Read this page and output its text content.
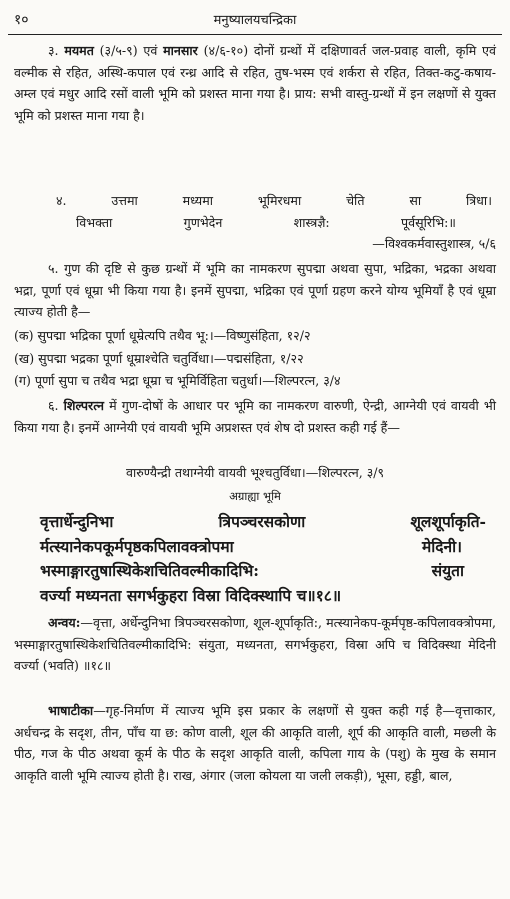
१०	मनुष्यालयचन्द्रिका
३. मयमत (३/५-९) एवं मानसार (४/६-१०) दोनों ग्रन्थों में दक्षिणावर्त जल-प्रवाह वाली, कृमि एवं वल्मीक से रहित, अस्थि-कपाल एवं रन्ध्र आदि से रहित, तुष-भस्म एवं शर्करा से रहित, तिक्त-कटु-कषाय-अम्ल एवं मधुर आदि रसों वाली भूमि को प्रशस्त माना गया है। प्राय: सभी वास्तु-ग्रन्थों में इन लक्षणों से युक्त भूमि को प्रशस्त माना गया है।
४.	उत्तमा	मध्यमा	भूमिरधमा	चेति	सा	त्रिधा।
विभक्ता	गुणभेदेन	शास्त्रज्ञै:	पूर्वसूरिभि:॥
—विश्वकर्मवास्तुशास्त्र, ५/६
५. गुण की दृष्टि से कुछ ग्रन्थों में भूमि का नामकरण सुपद्मा अथवा सुपा, भद्रिका, भद्रका अथवा भद्रा, पूर्णा एवं धूम्रा भी किया गया है। इनमें सुपद्मा, भद्रिका एवं पूर्णा ग्रहण करने योग्य भूमियाँ है एवं धूम्रा त्याज्य होती है—
(क) सुपद्मा भद्रिका पूर्णा धूम्रेत्यपि तथैव भू:।—विष्णुसंहिता, १२/२
(ख) सुपद्मा भद्रका पूर्णा धूम्राश्चेति चतुर्विधा।—पद्मसंहिता, १/२२
(ग) पूर्णा सुपा च तथैव भद्रा धूम्रा च भूमिर्विहिता चतुर्धा।—शिल्परत्न, ३/४
६. शिल्परत्न में गुण-दोषों के आधार पर भूमि का नामकरण वारुणी, ऐन्द्री, आग्नेयी एवं वायवी भी किया गया है। इनमें आग्नेयी एवं वायवी भूमि अप्रशस्त एवं शेष दो प्रशस्त कही गई हैं—
वारुण्यैन्द्री तथाग्नेयी वायवी भूश्चतुर्विधा।—शिल्परत्न, ३/९
अग्राह्या भूमि
वृत्तार्धेन्दुनिभा	त्रिपञ्चरसकोणा	शूलशूर्पाकृति-
र्मत्स्यानेकपकूर्मपृष्ठकपिलावक्त्रोपमा	मेदिनी।
भस्माङ्गारतुषास्थिकेशचितिवल्मीकादिभि:	संयुता
वर्ज्या मध्यनता सगर्भकुहरा विस्रा विदिक्स्थापि च॥१८॥
अन्वय:—वृत्ता, अर्धेन्दुनिभा त्रिपञ्चरसकोणा, शूल-शूर्पाकृति:, मत्स्यानेकप-कूर्मपृष्ठ-कपिलावक्त्रोपमा, भस्माङ्गारतुषास्थिकेशचितिवल्मीकादिभि: संयुता, मध्यनता, सगर्भकुहरा, विस्रा अपि च विदिक्स्था मेदिनी वर्ज्या (भवति) ॥१८॥
भाषाटीका—गृह-निर्माण में त्याज्य भूमि इस प्रकार के लक्षणों से युक्त कही गई है—वृत्ताकार, अर्धचन्द्र के सदृश, तीन, पाँच या छ: कोण वाली, शूल की आकृति वाली, शूर्प की आकृति वाली, मछली के पीठ, गज के पीठ अथवा कूर्म के पीठ के सदृश आकृति वाली, कपिला गाय के (पशु) के मुख के समान आकृति वाली भूमि त्याज्य होती है। राख, अंगार (जला कोयला या जली लकड़ी), भूसा, हड्डी, बाल,
